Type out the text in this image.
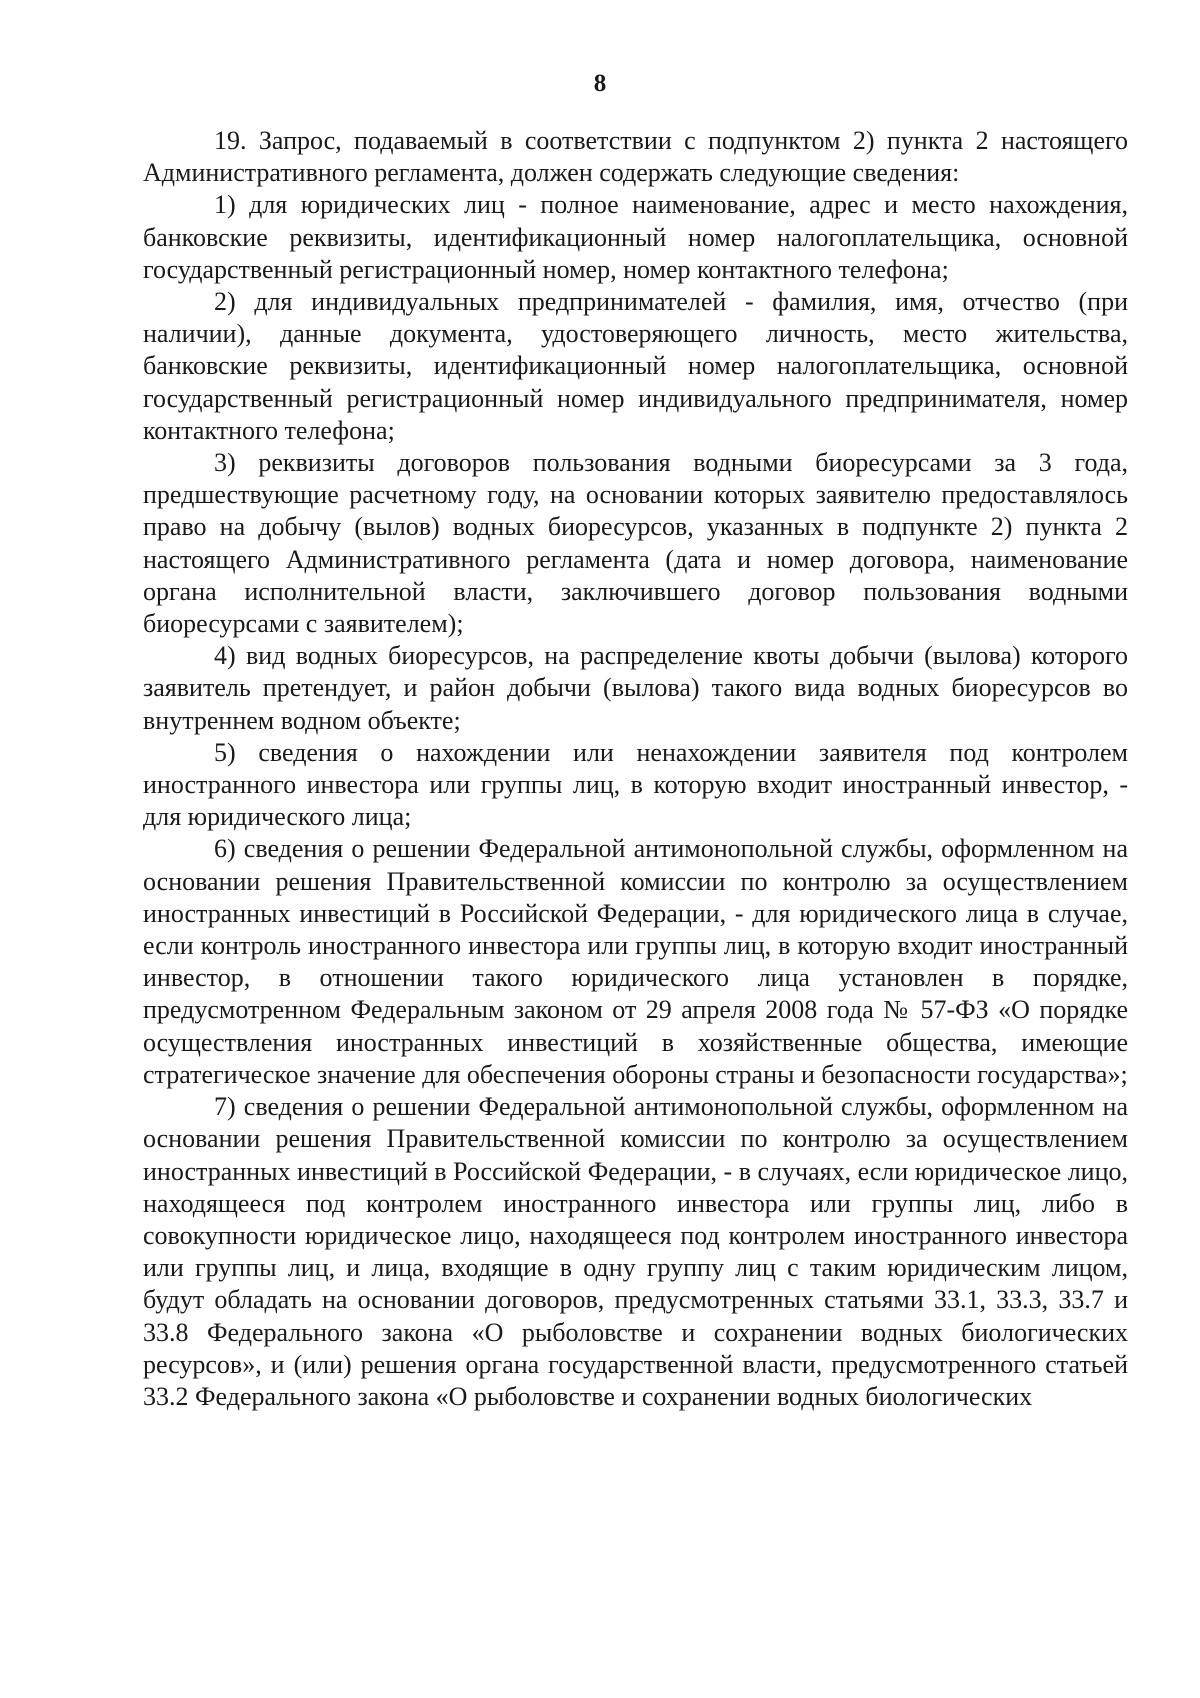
8

19. Запрос, подаваемый в соответствии с подпунктом 2) пункта 2 настоящего Административного регламента, должен содержать следующие сведения:

1) для юридических лиц - полное наименование, адрес и место нахождения, банковские реквизиты, идентификационный номер налогоплательщика, основной государственный регистрационный номер, номер контактного телефона;

2) для индивидуальных предпринимателей - фамилия, имя, отчество (при наличии), данные документа, удостоверяющего личность, место жительства, банковские реквизиты, идентификационный номер налогоплательщика, основной государственный регистрационный номер индивидуального предпринимателя, номер контактного телефона;

3) реквизиты договоров пользования водными биоресурсами за 3 года, предшествующие расчетному году, на основании которых заявителю предоставлялось право на добычу (вылов) водных биоресурсов, указанных в подпункте 2) пункта 2 настоящего Административного регламента (дата и номер договора, наименование органа исполнительной власти, заключившего договор пользования водными биоресурсами с заявителем);

4) вид водных биоресурсов, на распределение квоты добычи (вылова) которого заявитель претендует, и район добычи (вылова) такого вида водных биоресурсов во внутреннем водном объекте;

5) сведения о нахождении или ненахождении заявителя под контролем иностранного инвестора или группы лиц, в которую входит иностранный инвестор, - для юридического лица;

6) сведения о решении Федеральной антимонопольной службы, оформленном на основании решения Правительственной комиссии по контролю за осуществлением иностранных инвестиций в Российской Федерации, - для юридического лица в случае, если контроль иностранного инвестора или группы лиц, в которую входит иностранный инвестор, в отношении такого юридического лица установлен в порядке, предусмотренном Федеральным законом от 29 апреля 2008 года № 57-ФЗ «О порядке осуществления иностранных инвестиций в хозяйственные общества, имеющие стратегическое значение для обеспечения обороны страны и безопасности государства»;

7) сведения о решении Федеральной антимонопольной службы, оформленном на основании решения Правительственной комиссии по контролю за осуществлением иностранных инвестиций в Российской Федерации, - в случаях, если юридическое лицо, находящееся под контролем иностранного инвестора или группы лиц, либо в совокупности юридическое лицо, находящееся под контролем иностранного инвестора или группы лиц, и лица, входящие в одну группу лиц с таким юридическим лицом, будут обладать на основании договоров, предусмотренных статьями 33.1, 33.3, 33.7 и 33.8 Федерального закона «О рыболовстве и сохранении водных биологических ресурсов», и (или) решения органа государственной власти, предусмотренного статьей 33.2 Федерального закона «О рыболовстве и сохранении водных биологических
